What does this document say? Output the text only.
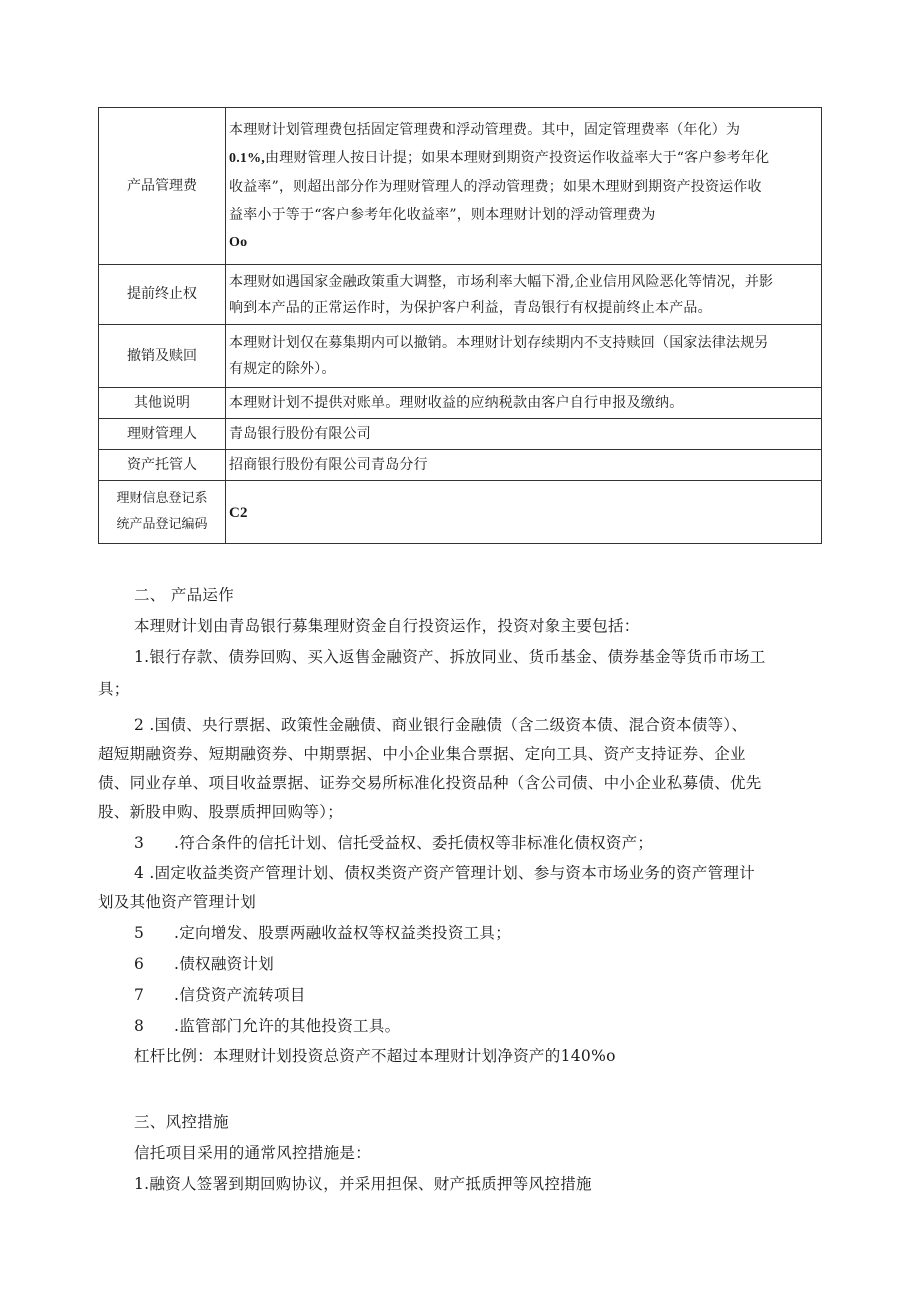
产品管理费	本理财计划管理费包括固定管理费和浮动管理费。其中，固定管理费率（年化）为
0.1%,由理财管理人按日计提；如果本理财到期资产投资运作收益率大于“客户参考年化
收益率”，则超出部分作为理财管理人的浮动管理费；如果木理财到期资产投资运作收
益率小于等于“客户参考年化收益率”，则本理财计划的浮动管理费为
Oo

提前终止权	本理财如遇国家金融政策重大调整，市场利率大幅下滑,企业信用风险恶化等情况，并影
响到本产品的正常运作时，为保护客户利益，青岛银行有权提前终止本产品。

撤销及赎回	本理财计划仅在募集期内可以撤销。本理财计划存续期内不支持赎回（国家法律法规另
有规定的除外）。

其他说明	本理财计划不提供对账单。理财收益的应纳税款由客户自行申报及缴纳。
理财管理人	青岛银行股份有限公司
资产托管人	招商银行股份有限公司青岛分行

理财信息登记系
统产品登记编码	C2
二、 产品运作
本理财计划由青岛银行募集理财资金自行投资运作，投资对象主要包括：
1.银行存款、债券回购、买入返售金融资产、拆放同业、货币基金、债券基金等货币市场工
具；
2 .国债、央行票据、政策性金融债、商业银行金融债（含二级资本债、混合资本债等）、
超短期融资券、短期融资券、中期票据、中小企业集合票据、定向工具、资产支持证券、企业
债、同业存单、项目收益票据、证券交易所标准化投资品种（含公司债、中小企业私募债、优先
股、新股申购、股票质押回购等）；
3 .符合条件的信托计划、信托受益权、委托债权等非标准化债权资产；
4 .固定收益类资产管理计划、债权类资产资产管理计划、参与资本市场业务的资产管理计
划及其他资产管理计划
5 .定向增发、股票两融收益权等权益类投资工具；
6 .债权融资计划
7 .信贷资产流转项目
8 .监管部门允许的其他投资工具。
杠杆比例：本理财计划投资总资产不超过本理财计划净资产的140%o
三、风控措施
信托项目采用的通常风控措施是：
1.融资人签署到期回购协议，并采用担保、财产抵质押等风控措施
